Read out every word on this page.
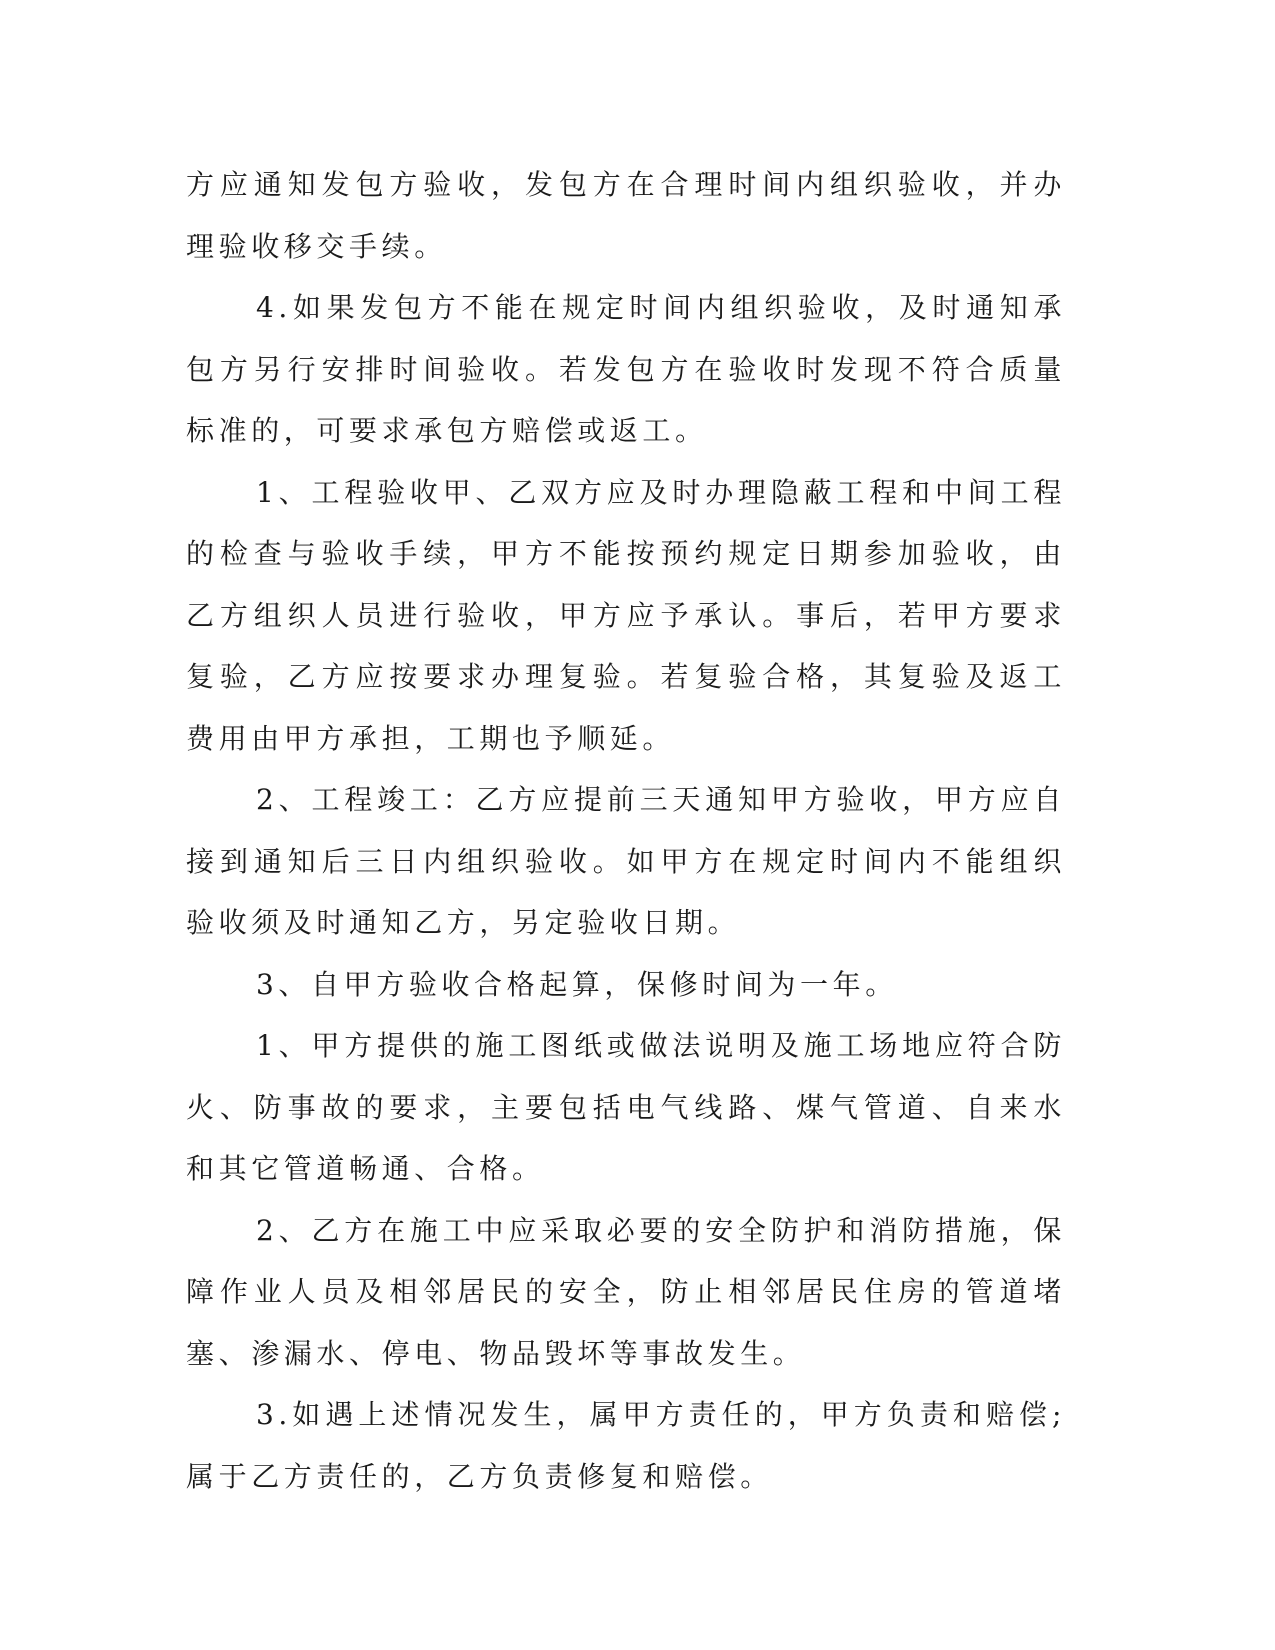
方应通知发包方验收，发包方在合理时间内组织验收，并办理验收移交手续。

4.如果发包方不能在规定时间内组织验收，及时通知承包方另行安排时间验收。若发包方在验收时发现不符合质量标准的，可要求承包方赔偿或返工。

1、工程验收甲、乙双方应及时办理隐蔽工程和中间工程的检查与验收手续，甲方不能按预约规定日期参加验收，由乙方组织人员进行验收，甲方应予承认。事后，若甲方要求复验，乙方应按要求办理复验。若复验合格，其复验及返工费用由甲方承担，工期也予顺延。

2、工程竣工：乙方应提前三天通知甲方验收，甲方应自接到通知后三日内组织验收。如甲方在规定时间内不能组织验收须及时通知乙方，另定验收日期。

3、自甲方验收合格起算，保修时间为一年。

1、甲方提供的施工图纸或做法说明及施工场地应符合防火、防事故的要求，主要包括电气线路、煤气管道、自来水和其它管道畅通、合格。

2、乙方在施工中应采取必要的安全防护和消防措施，保障作业人员及相邻居民的安全，防止相邻居民住房的管道堵塞、渗漏水、停电、物品毁坏等事故发生。

3.如遇上述情况发生，属甲方责任的，甲方负责和赔偿;属于乙方责任的，乙方负责修复和赔偿。
